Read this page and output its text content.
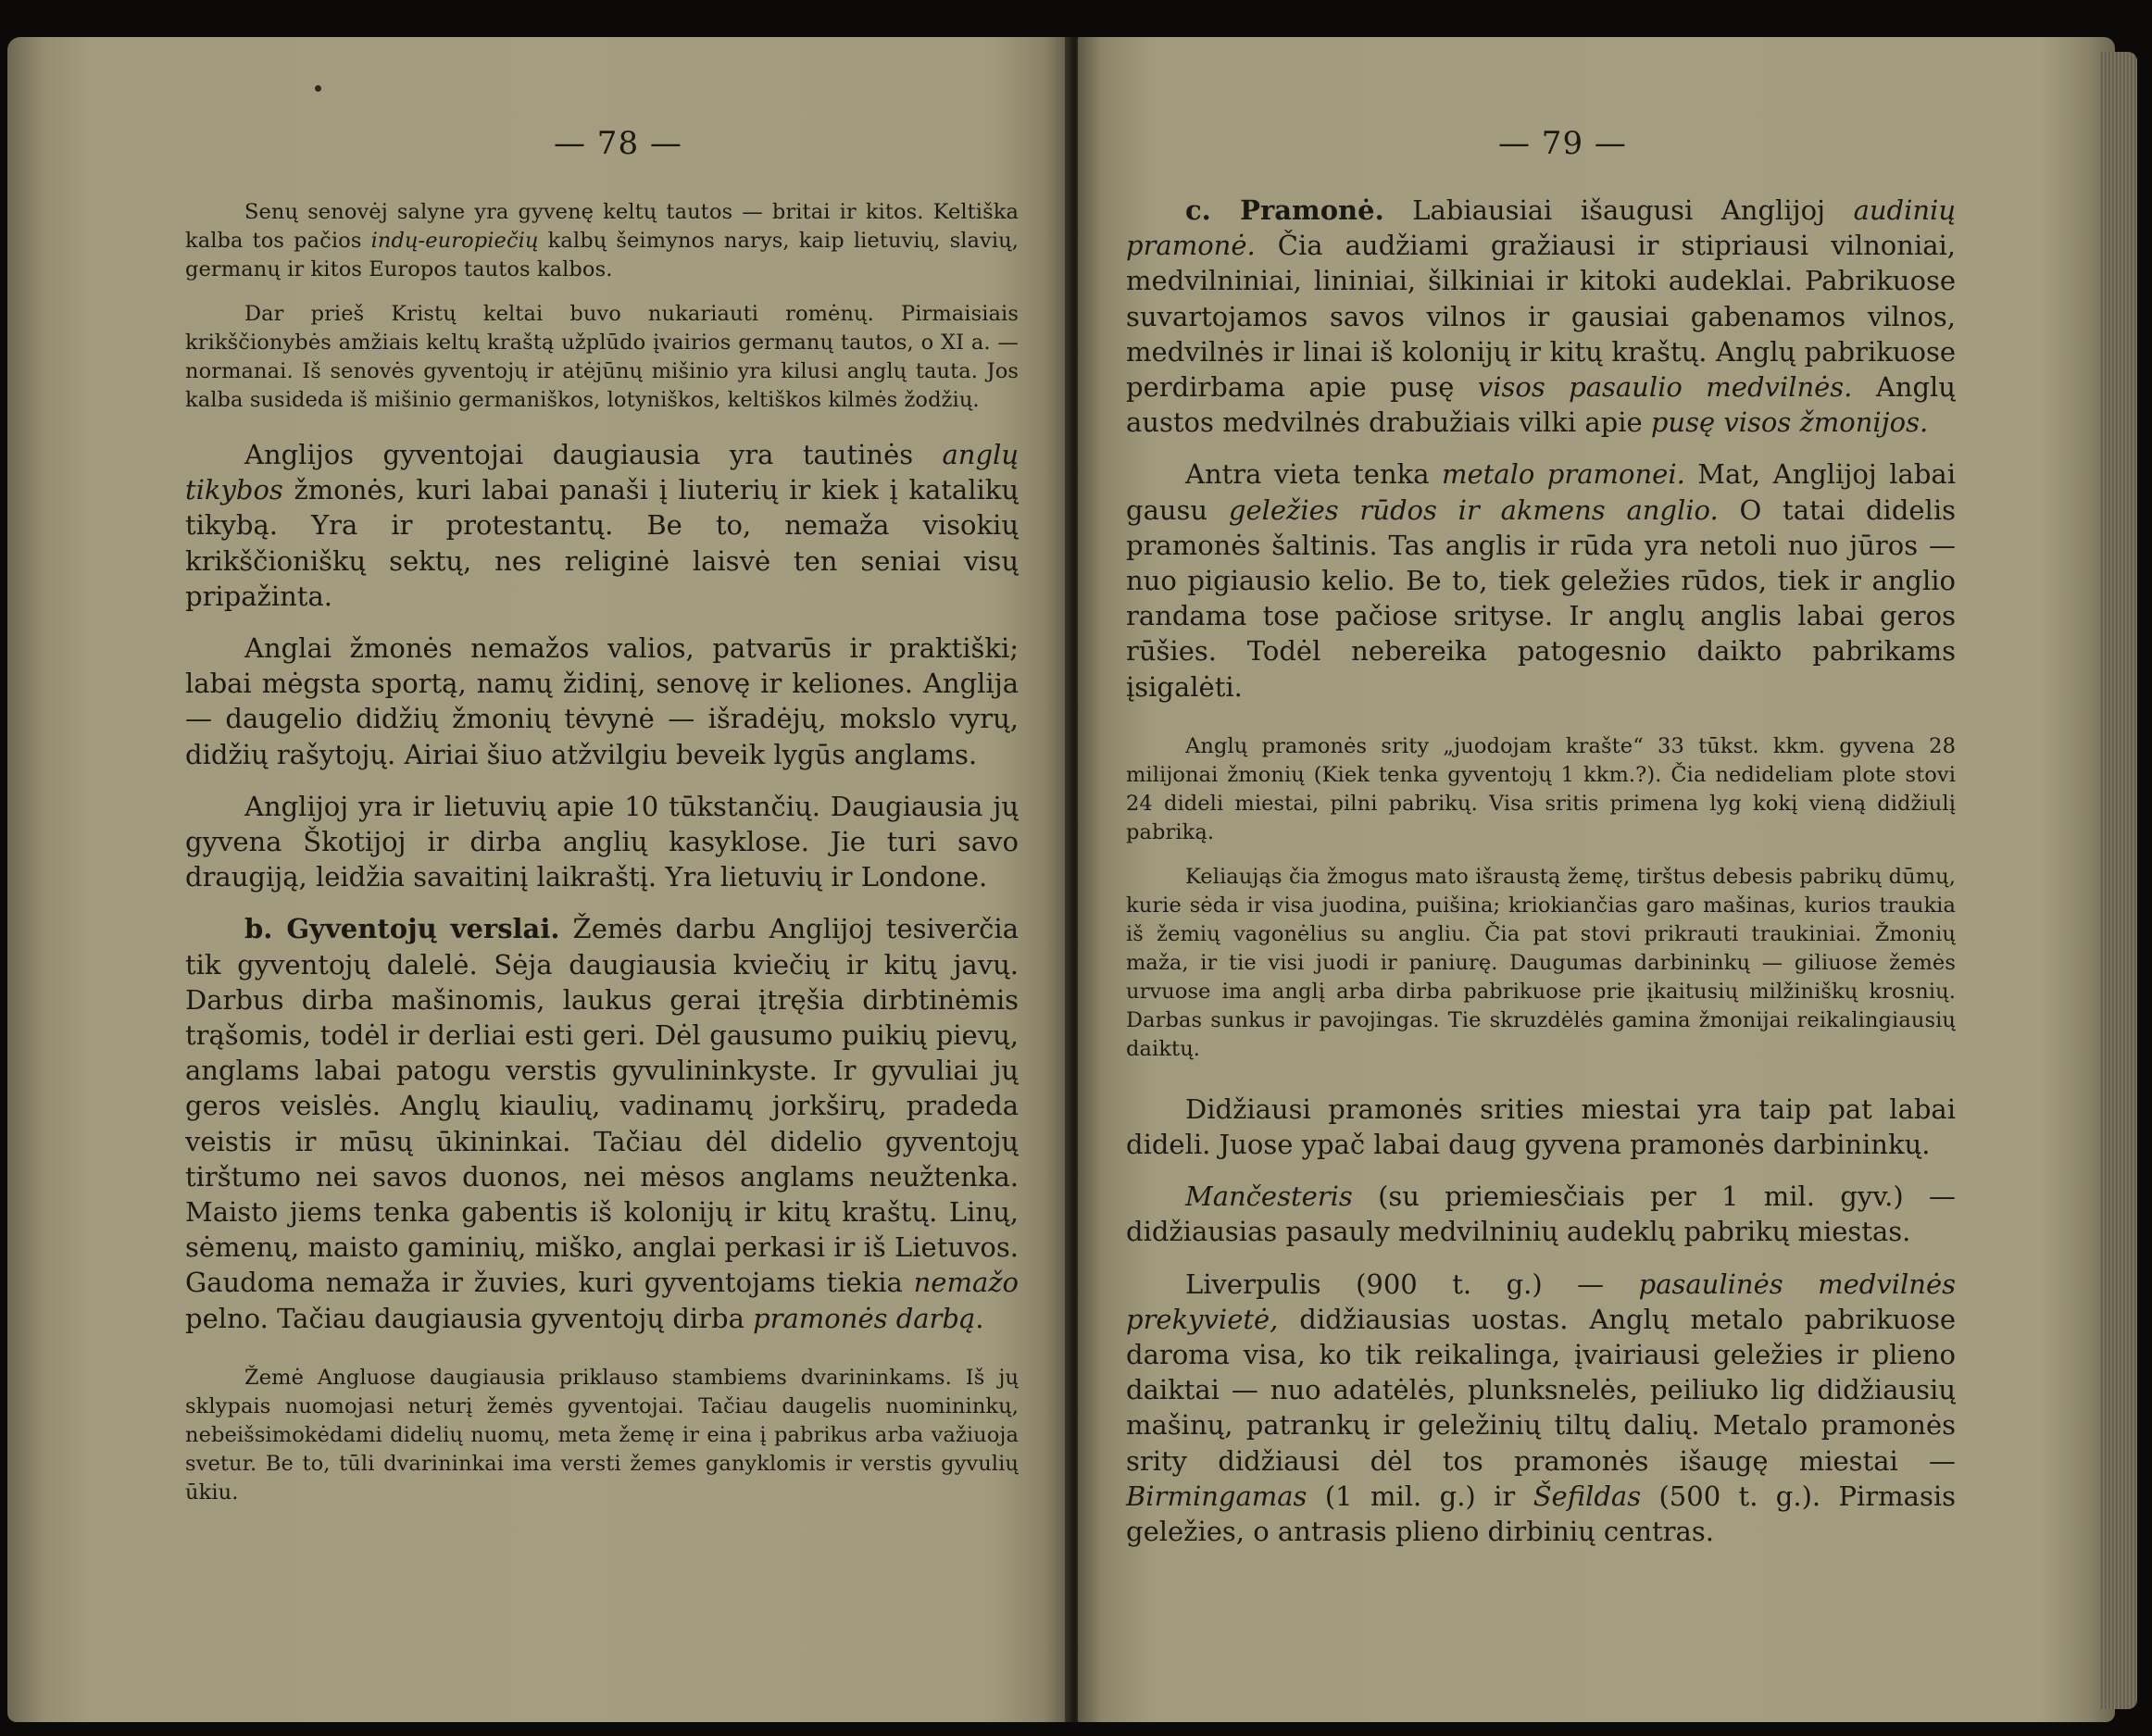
— 78 —

Senų senovėj salyne yra gyvenę keltų tautos — britai ir kitos. Keltiška kalba tos pačios indų-europiečių kalbų šeimynos narys, kaip lietuvių, slavių, germanų ir kitos Europos tautos kalbos.

Dar prieš Kristų keltai buvo nukariauti romėnų. Pirmaisiais krikščionybės amžiais keltų kraštą užplūdo įvairios germanų tautos, o XI a. — normanai. Iš senovės gyventojų ir atėjūnų mišinio yra kilusi anglų tauta. Jos kalba susideda iš mišinio germaniškos, lotyniškos, keltiškos kilmės žodžių.

Anglijos gyventojai daugiausia yra tautinės anglų tikybos žmonės, kuri labai panaši į liuterių ir kiek į katalikų tikybą. Yra ir protestantų. Be to, nemaža visokių krikščioniškų sektų, nes religinė laisvė ten seniai visų pripažinta.

Anglai žmonės nemažos valios, patvarūs ir praktiški; labai mėgsta sportą, namų židinį, senovę ir keliones. Anglija — daugelio didžių žmonių tėvynė — išradėjų, mokslo vyrų, didžių rašytojų. Airiai šiuo atžvilgiu beveik lygūs anglams.

Anglijoj yra ir lietuvių apie 10 tūkstančių. Daugiausia jų gyvena Škotijoj ir dirba anglių kasyklose. Jie turi savo draugiją, leidžia savaitinį laikraštį. Yra lietuvių ir Londone.

b. Gyventojų verslai. Žemės darbu Anglijoj tesiverčia tik gyventojų dalelė. Sėja daugiausia kviečių ir kitų javų. Darbus dirba mašinomis, laukus gerai įtręšia dirbtinėmis trąšomis, todėl ir derliai esti geri. Dėl gausumo puikių pievų, anglams labai patogu verstis gyvulininkyste. Ir gyvuliai jų geros veislės. Anglų kiaulių, vadinamų jorkširų, pradeda veistis ir mūsų ūkininkai. Tačiau dėl didelio gyventojų tirštumo nei savos duonos, nei mėsos anglams neužtenka. Maisto jiems tenka gabentis iš kolonijų ir kitų kraštų. Linų, sėmenų, maisto gaminių, miško, anglai perkasi ir iš Lietuvos. Gaudoma nemaža ir žuvies, kuri gyventojams tiekia nemažo pelno. Tačiau daugiausia gyventojų dirba pramonės darbą.

Žemė Angluose daugiausia priklauso stambiems dvarininkams. Iš jų sklypais nuomojasi neturį žemės gyventojai. Tačiau daugelis nuomininkų, nebeišsimokėdami didelių nuomų, meta žemę ir eina į pabrikus arba važiuoja svetur. Be to, tūli dvarininkai ima versti žemes ganyklomis ir verstis gyvulių ūkiu.

— 79 —

c. Pramonė. Labiausiai išaugusi Anglijoj audinių pramonė. Čia audžiami gražiausi ir stipriausi vilnoniai, medvilniniai, lininiai, šilkiniai ir kitoki audeklai. Pabrikuose suvartojamos savos vilnos ir gausiai gabenamos vilnos, medvilnės ir linai iš kolonijų ir kitų kraštų. Anglų pabrikuose perdirbama apie pusę visos pasaulio medvilnės. Anglų austos medvilnės drabužiais vilki apie pusę visos žmonijos.

Antra vieta tenka metalo pramonei. Mat, Anglijoj labai gausu geležies rūdos ir akmens anglio. O tatai didelis pramonės šaltinis. Tas anglis ir rūda yra netoli nuo jūros — nuo pigiausio kelio. Be to, tiek geležies rūdos, tiek ir anglio randama tose pačiose srityse. Ir anglų anglis labai geros rūšies. Todėl nebereika patogesnio daikto pabrikams įsigalėti.

Anglų pramonės srity „juodojam krašte“ 33 tūkst. kkm. gyvena 28 milijonai žmonių (Kiek tenka gyventojų 1 kkm.?). Čia nedideliam plote stovi 24 dideli miestai, pilni pabrikų. Visa sritis primena lyg kokį vieną didžiulį pabriką.

Keliaująs čia žmogus mato išraustą žemę, tirštus debesis pabrikų dūmų, kurie sėda ir visa juodina, puišina; kriokiančias garo mašinas, kurios traukia iš žemių vagonėlius su angliu. Čia pat stovi prikrauti traukiniai. Žmonių maža, ir tie visi juodi ir paniurę. Daugumas darbininkų — giliuose žemės urvuose ima anglį arba dirba pabrikuose prie įkaitusių milžiniškų krosnių. Darbas sunkus ir pavojingas. Tie skruzdėlės gamina žmonijai reikalingiausių daiktų.

Didžiausi pramonės srities miestai yra taip pat labai dideli. Juose ypač labai daug gyvena pramonės darbininkų.

Mančesteris (su priemiesčiais per 1 mil. gyv.) — didžiausias pasauly medvilninių audeklų pabrikų miestas.

Liverpulis (900 t. g.) — pasaulinės medvilnės prekyvietė, didžiausias uostas. Anglų metalo pabrikuose daroma visa, ko tik reikalinga, įvairiausi geležies ir plieno daiktai — nuo adatėlės, plunksnelės, peiliuko lig didžiausių mašinų, patrankų ir geležinių tiltų dalių. Metalo pramonės srity didžiausi dėl tos pramonės išaugę miestai — Birmingamas (1 mil. g.) ir Šefildas (500 t. g.). Pirmasis geležies, o antrasis plieno dirbinių centras.
